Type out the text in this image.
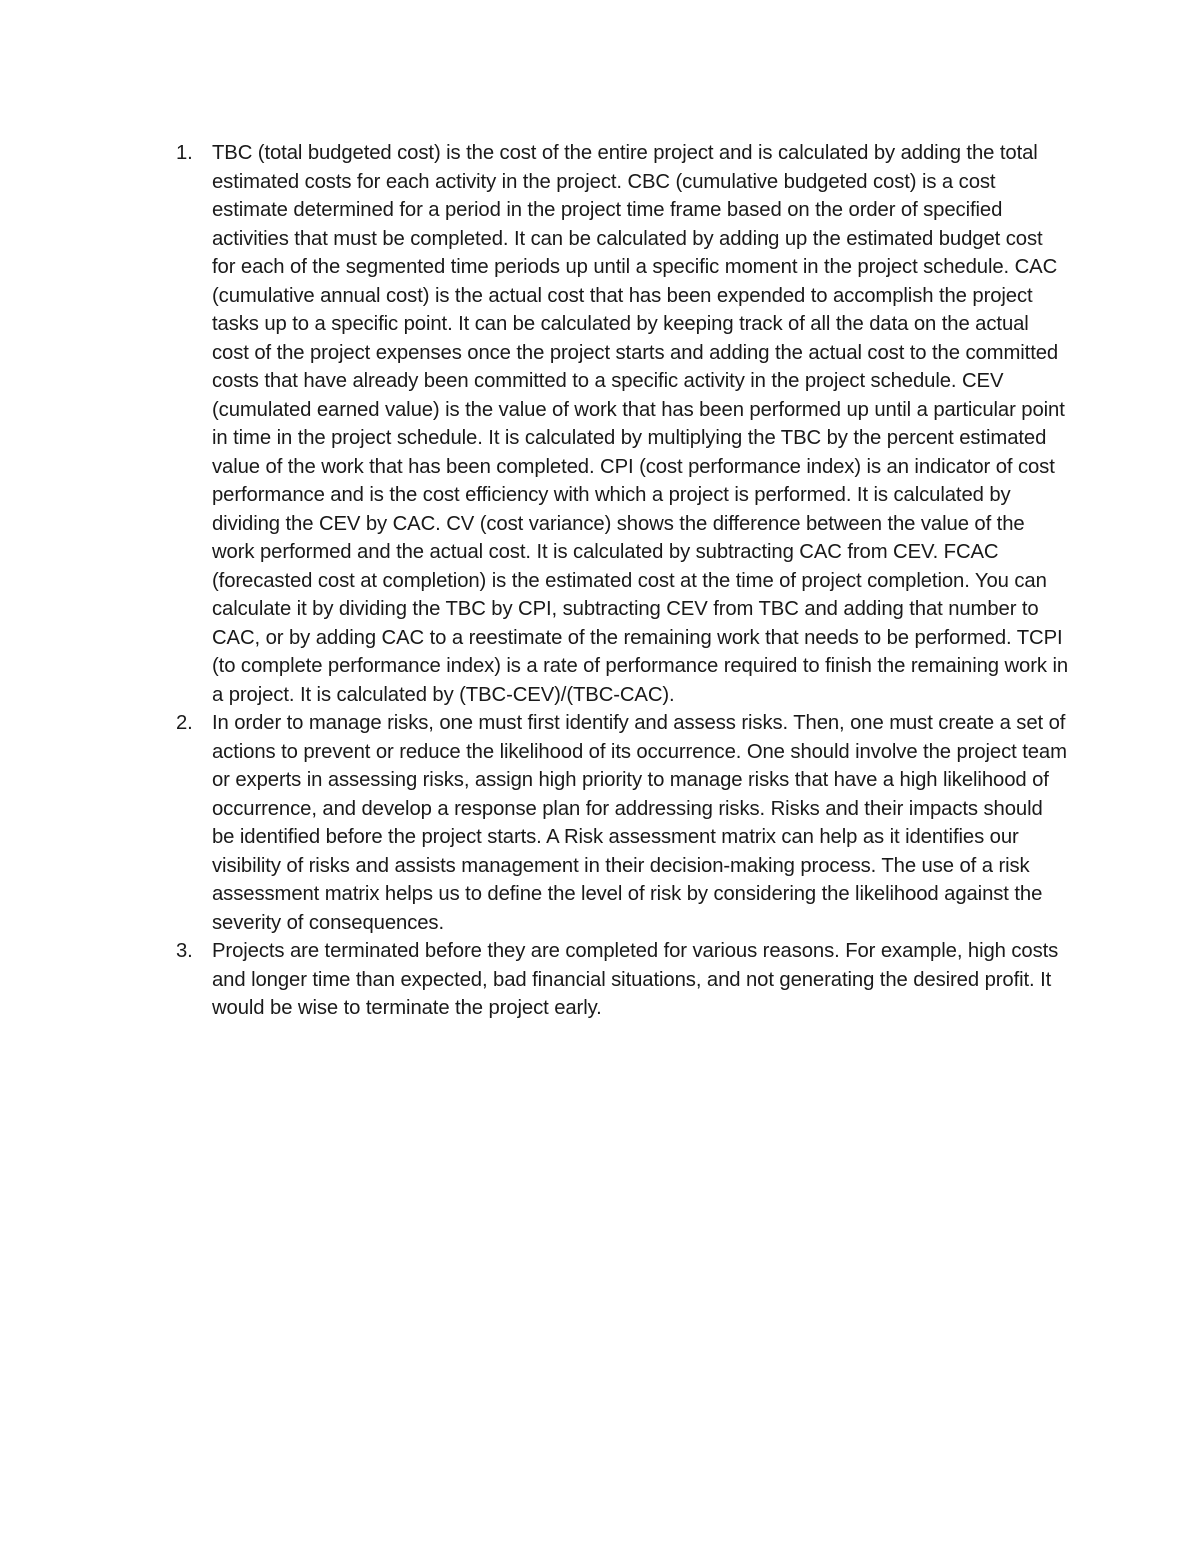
1. TBC (total budgeted cost) is the cost of the entire project and is calculated by adding the total estimated costs for each activity in the project. CBC (cumulative budgeted cost) is a cost estimate determined for a period in the project time frame based on the order of specified activities that must be completed. It can be calculated by adding up the estimated budget cost for each of the segmented time periods up until a specific moment in the project schedule. CAC (cumulative annual cost) is the actual cost that has been expended to accomplish the project tasks up to a specific point. It can be calculated by keeping track of all the data on the actual cost of the project expenses once the project starts and adding the actual cost to the committed costs that have already been committed to a specific activity in the project schedule. CEV (cumulated earned value) is the value of work that has been performed up until a particular point in time in the project schedule. It is calculated by multiplying the TBC by the percent estimated value of the work that has been completed. CPI (cost performance index) is an indicator of cost performance and is the cost efficiency with which a project is performed. It is calculated by dividing the CEV by CAC. CV (cost variance) shows the difference between the value of the work performed and the actual cost. It is calculated by subtracting CAC from CEV. FCAC (forecasted cost at completion) is the estimated cost at the time of project completion. You can calculate it by dividing the TBC by CPI, subtracting CEV from TBC and adding that number to CAC, or by adding CAC to a reestimate of the remaining work that needs to be performed. TCPI (to complete performance index) is a rate of performance required to finish the remaining work in a project. It is calculated by (TBC-CEV)/(TBC-CAC).
2. In order to manage risks, one must first identify and assess risks. Then, one must create a set of actions to prevent or reduce the likelihood of its occurrence. One should involve the project team or experts in assessing risks, assign high priority to manage risks that have a high likelihood of occurrence, and develop a response plan for addressing risks. Risks and their impacts should be identified before the project starts. A Risk assessment matrix can help as it identifies our visibility of risks and assists management in their decision-making process. The use of a risk assessment matrix helps us to define the level of risk by considering the likelihood against the severity of consequences.
3. Projects are terminated before they are completed for various reasons. For example, high costs and longer time than expected, bad financial situations, and not generating the desired profit. It would be wise to terminate the project early.
